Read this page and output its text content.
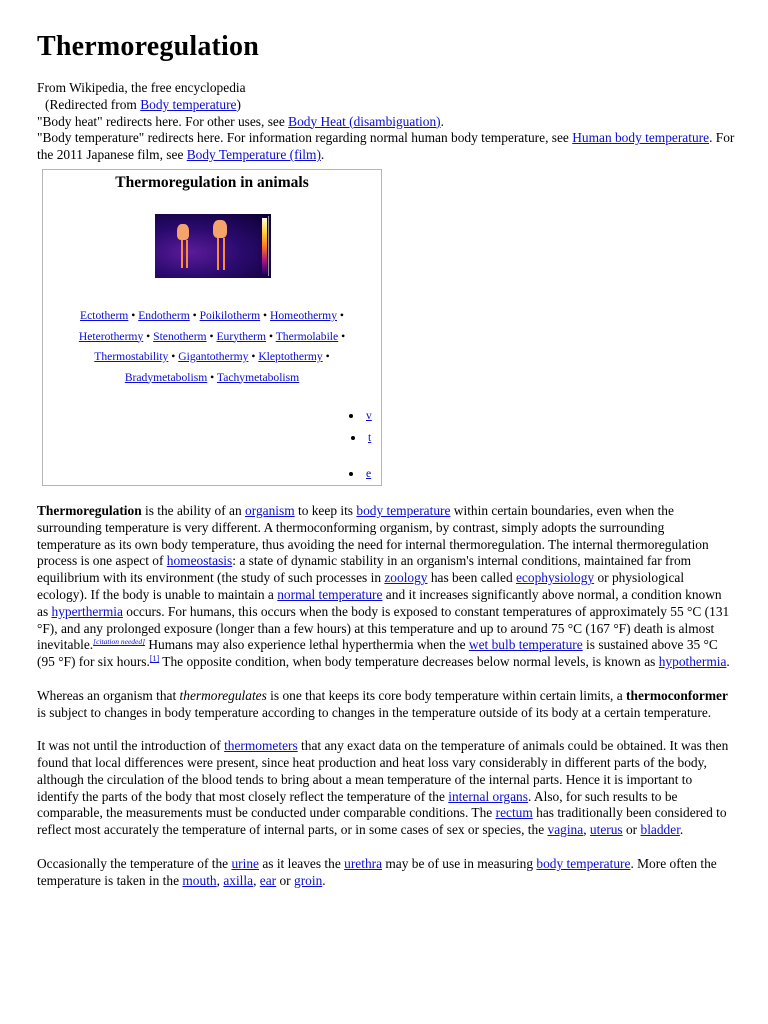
Thermoregulation
From Wikipedia, the free encyclopedia
(Redirected from Body temperature)
"Body heat" redirects here. For other uses, see Body Heat (disambiguation).
"Body temperature" redirects here. For information regarding normal human body temperature, see Human body temperature. For the 2011 Japanese film, see Body Temperature (film).
Thermoregulation in animals
Ectotherm • Endotherm • Poikilotherm • Homeothermy •
Heterothermy • Stenotherm • Eurytherm • Thermolabile •
Thermostability • Gigantothermy • Kleptothermy •
Bradymetabolism • Tachymetabolism
v
t
e

Thermoregulation is the ability of an organism to keep its body temperature within certain boundaries, even when the surrounding temperature is very different. A thermoconforming organism, by contrast, simply adopts the surrounding temperature as its own body temperature, thus avoiding the need for internal thermoregulation. The internal thermoregulation process is one aspect of homeostasis: a state of dynamic stability in an organism's internal conditions, maintained far from equilibrium with its environment (the study of such processes in zoology has been called ecophysiology or physiological ecology). If the body is unable to maintain a normal temperature and it increases significantly above normal, a condition known as hyperthermia occurs. For humans, this occurs when the body is exposed to constant temperatures of approximately 55 °C (131 °F), and any prolonged exposure (longer than a few hours) at this temperature and up to around 75 °C (167 °F) death is almost inevitable.[citation needed] Humans may also experience lethal hyperthermia when the wet bulb temperature is sustained above 35 °C (95 °F) for six hours.[1] The opposite condition, when body temperature decreases below normal levels, is known as hypothermia.

Whereas an organism that thermoregulates is one that keeps its core body temperature within certain limits, a thermoconformer is subject to changes in body temperature according to changes in the temperature outside of its body at a certain temperature.

It was not until the introduction of thermometers that any exact data on the temperature of animals could be obtained. It was then found that local differences were present, since heat production and heat loss vary considerably in different parts of the body, although the circulation of the blood tends to bring about a mean temperature of the internal parts. Hence it is important to identify the parts of the body that most closely reflect the temperature of the internal organs. Also, for such results to be comparable, the measurements must be conducted under comparable conditions. The rectum has traditionally been considered to reflect most accurately the temperature of internal parts, or in some cases of sex or species, the vagina, uterus or bladder.

Occasionally the temperature of the urine as it leaves the urethra may be of use in measuring body temperature. More often the temperature is taken in the mouth, axilla, ear or groin.
